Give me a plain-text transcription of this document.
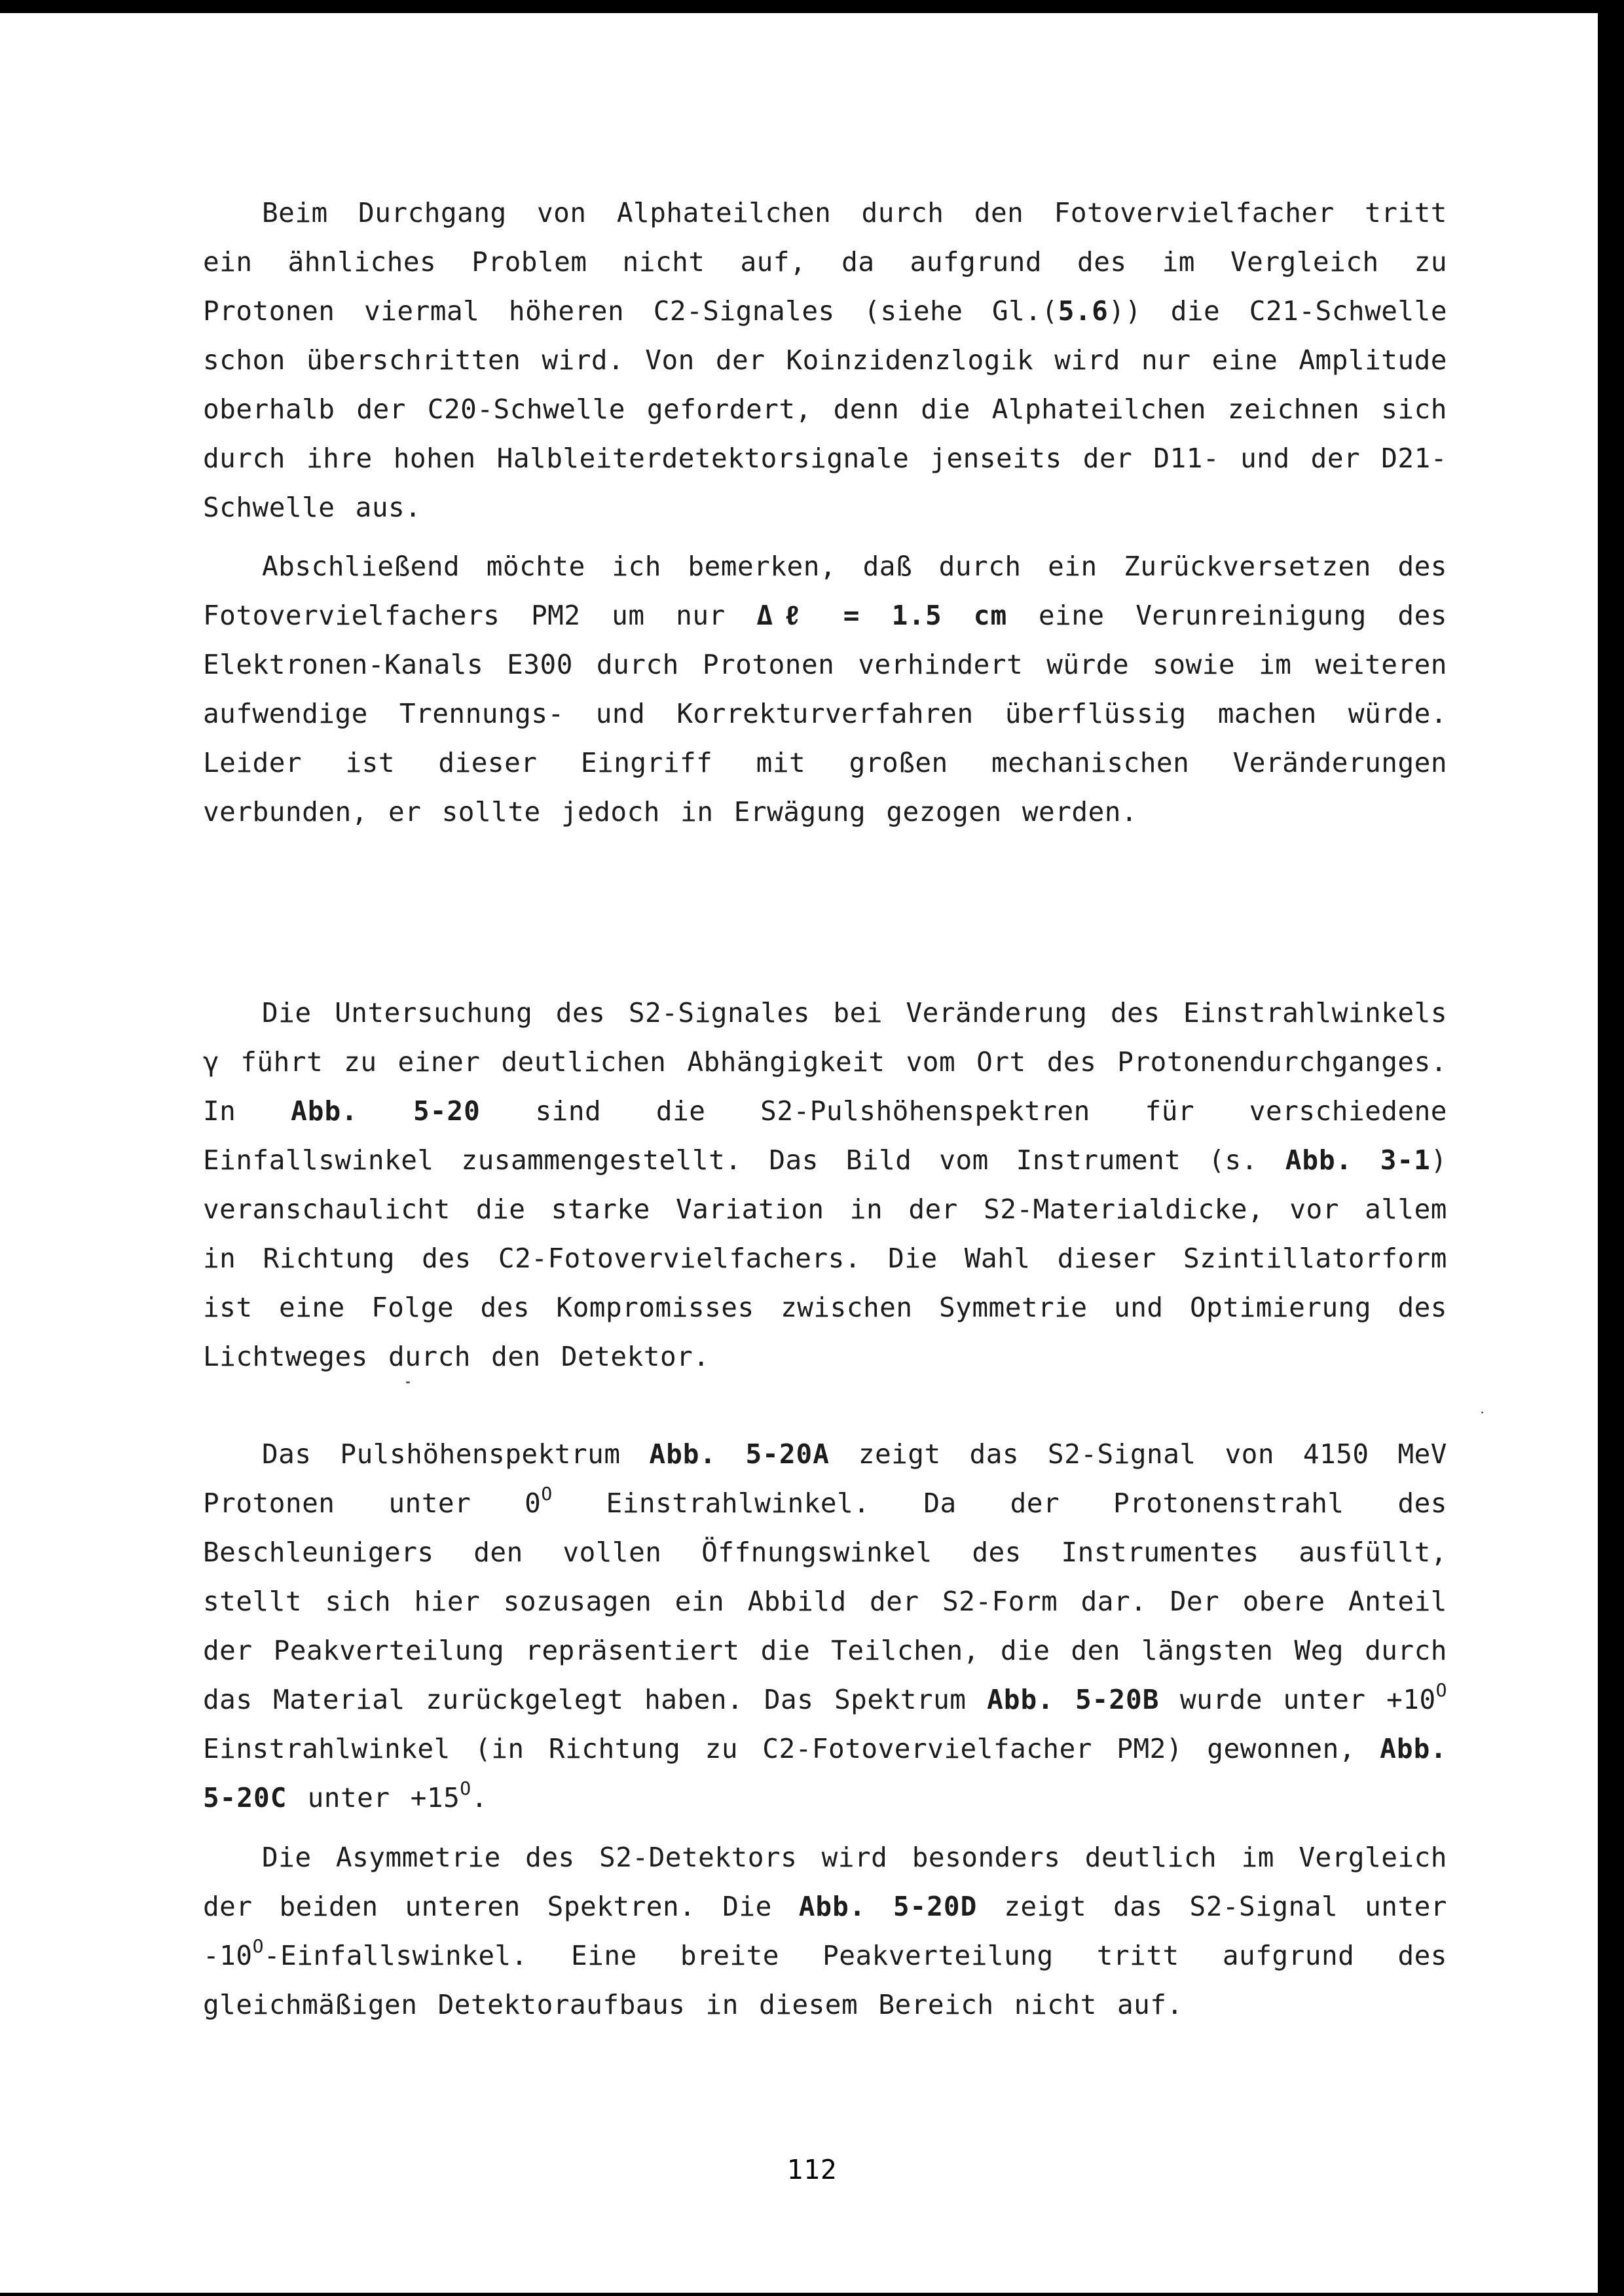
Beim Durchgang von Alphateilchen durch den Fotovervielfacher tritt ein ähnliches Problem nicht auf, da aufgrund des im Vergleich zu Protonen viermal höheren C2-Signales (siehe Gl.(5.6)) die C21-Schwelle schon überschritten wird. Von der Koinzidenzlogik wird nur eine Amplitude oberhalb der C20-Schwelle gefordert, denn die Alphateilchen zeichnen sich durch ihre hohen Halbleiterdetektorsignale jenseits der D11- und der D21-Schwelle aus.

Abschließend möchte ich bemerken, daß durch ein Zurückversetzen des Fotovervielfachers PM2 um nur Δℓ = 1.5 cm eine Verunreinigung des Elektronen-Kanals E300 durch Protonen verhindert würde sowie im weiteren aufwendige Trennungs- und Korrekturverfahren überflüssig machen würde. Leider ist dieser Eingriff mit großen mechanischen Veränderungen verbunden, er sollte jedoch in Erwägung gezogen werden.

Die Untersuchung des S2-Signales bei Veränderung des Einstrahlwinkels γ führt zu einer deutlichen Abhängigkeit vom Ort des Protonendurchganges. In Abb. 5-20 sind die S2-Pulshöhenspektren für verschiedene Einfallswinkel zusammengestellt. Das Bild vom Instrument (s. Abb. 3-1) veranschaulicht die starke Variation in der S2-Materialdicke, vor allem in Richtung des C2-Fotovervielfachers. Die Wahl dieser Szintillatorform ist eine Folge des Kompromisses zwischen Symmetrie und Optimierung des Lichtweges durch den Detektor.

Das Pulshöhenspektrum Abb. 5-20A zeigt das S2-Signal von 4150 MeV Protonen unter $0^O$ Einstrahlwinkel. Da der Protonenstrahl des Beschleunigers den vollen Öffnungswinkel des Instrumentes ausfüllt, stellt sich hier sozusagen ein Abbild der S2-Form dar. Der obere Anteil der Peakverteilung repräsentiert die Teilchen, die den längsten Weg durch das Material zurückgelegt haben. Das Spektrum Abb. 5-20B wurde unter $+10^O$ Einstrahlwinkel (in Richtung zu C2-Fotovervielfacher PM2) gewonnen, Abb. 5-20C unter $+15^O$.

Die Asymmetrie des S2-Detektors wird besonders deutlich im Vergleich der beiden unteren Spektren. Die Abb. 5-20D zeigt das S2-Signal unter $-10^O$-Einfallswinkel. Eine breite Peakverteilung tritt aufgrund des gleichmäßigen Detektoraufbaus in diesem Bereich nicht auf.

112
